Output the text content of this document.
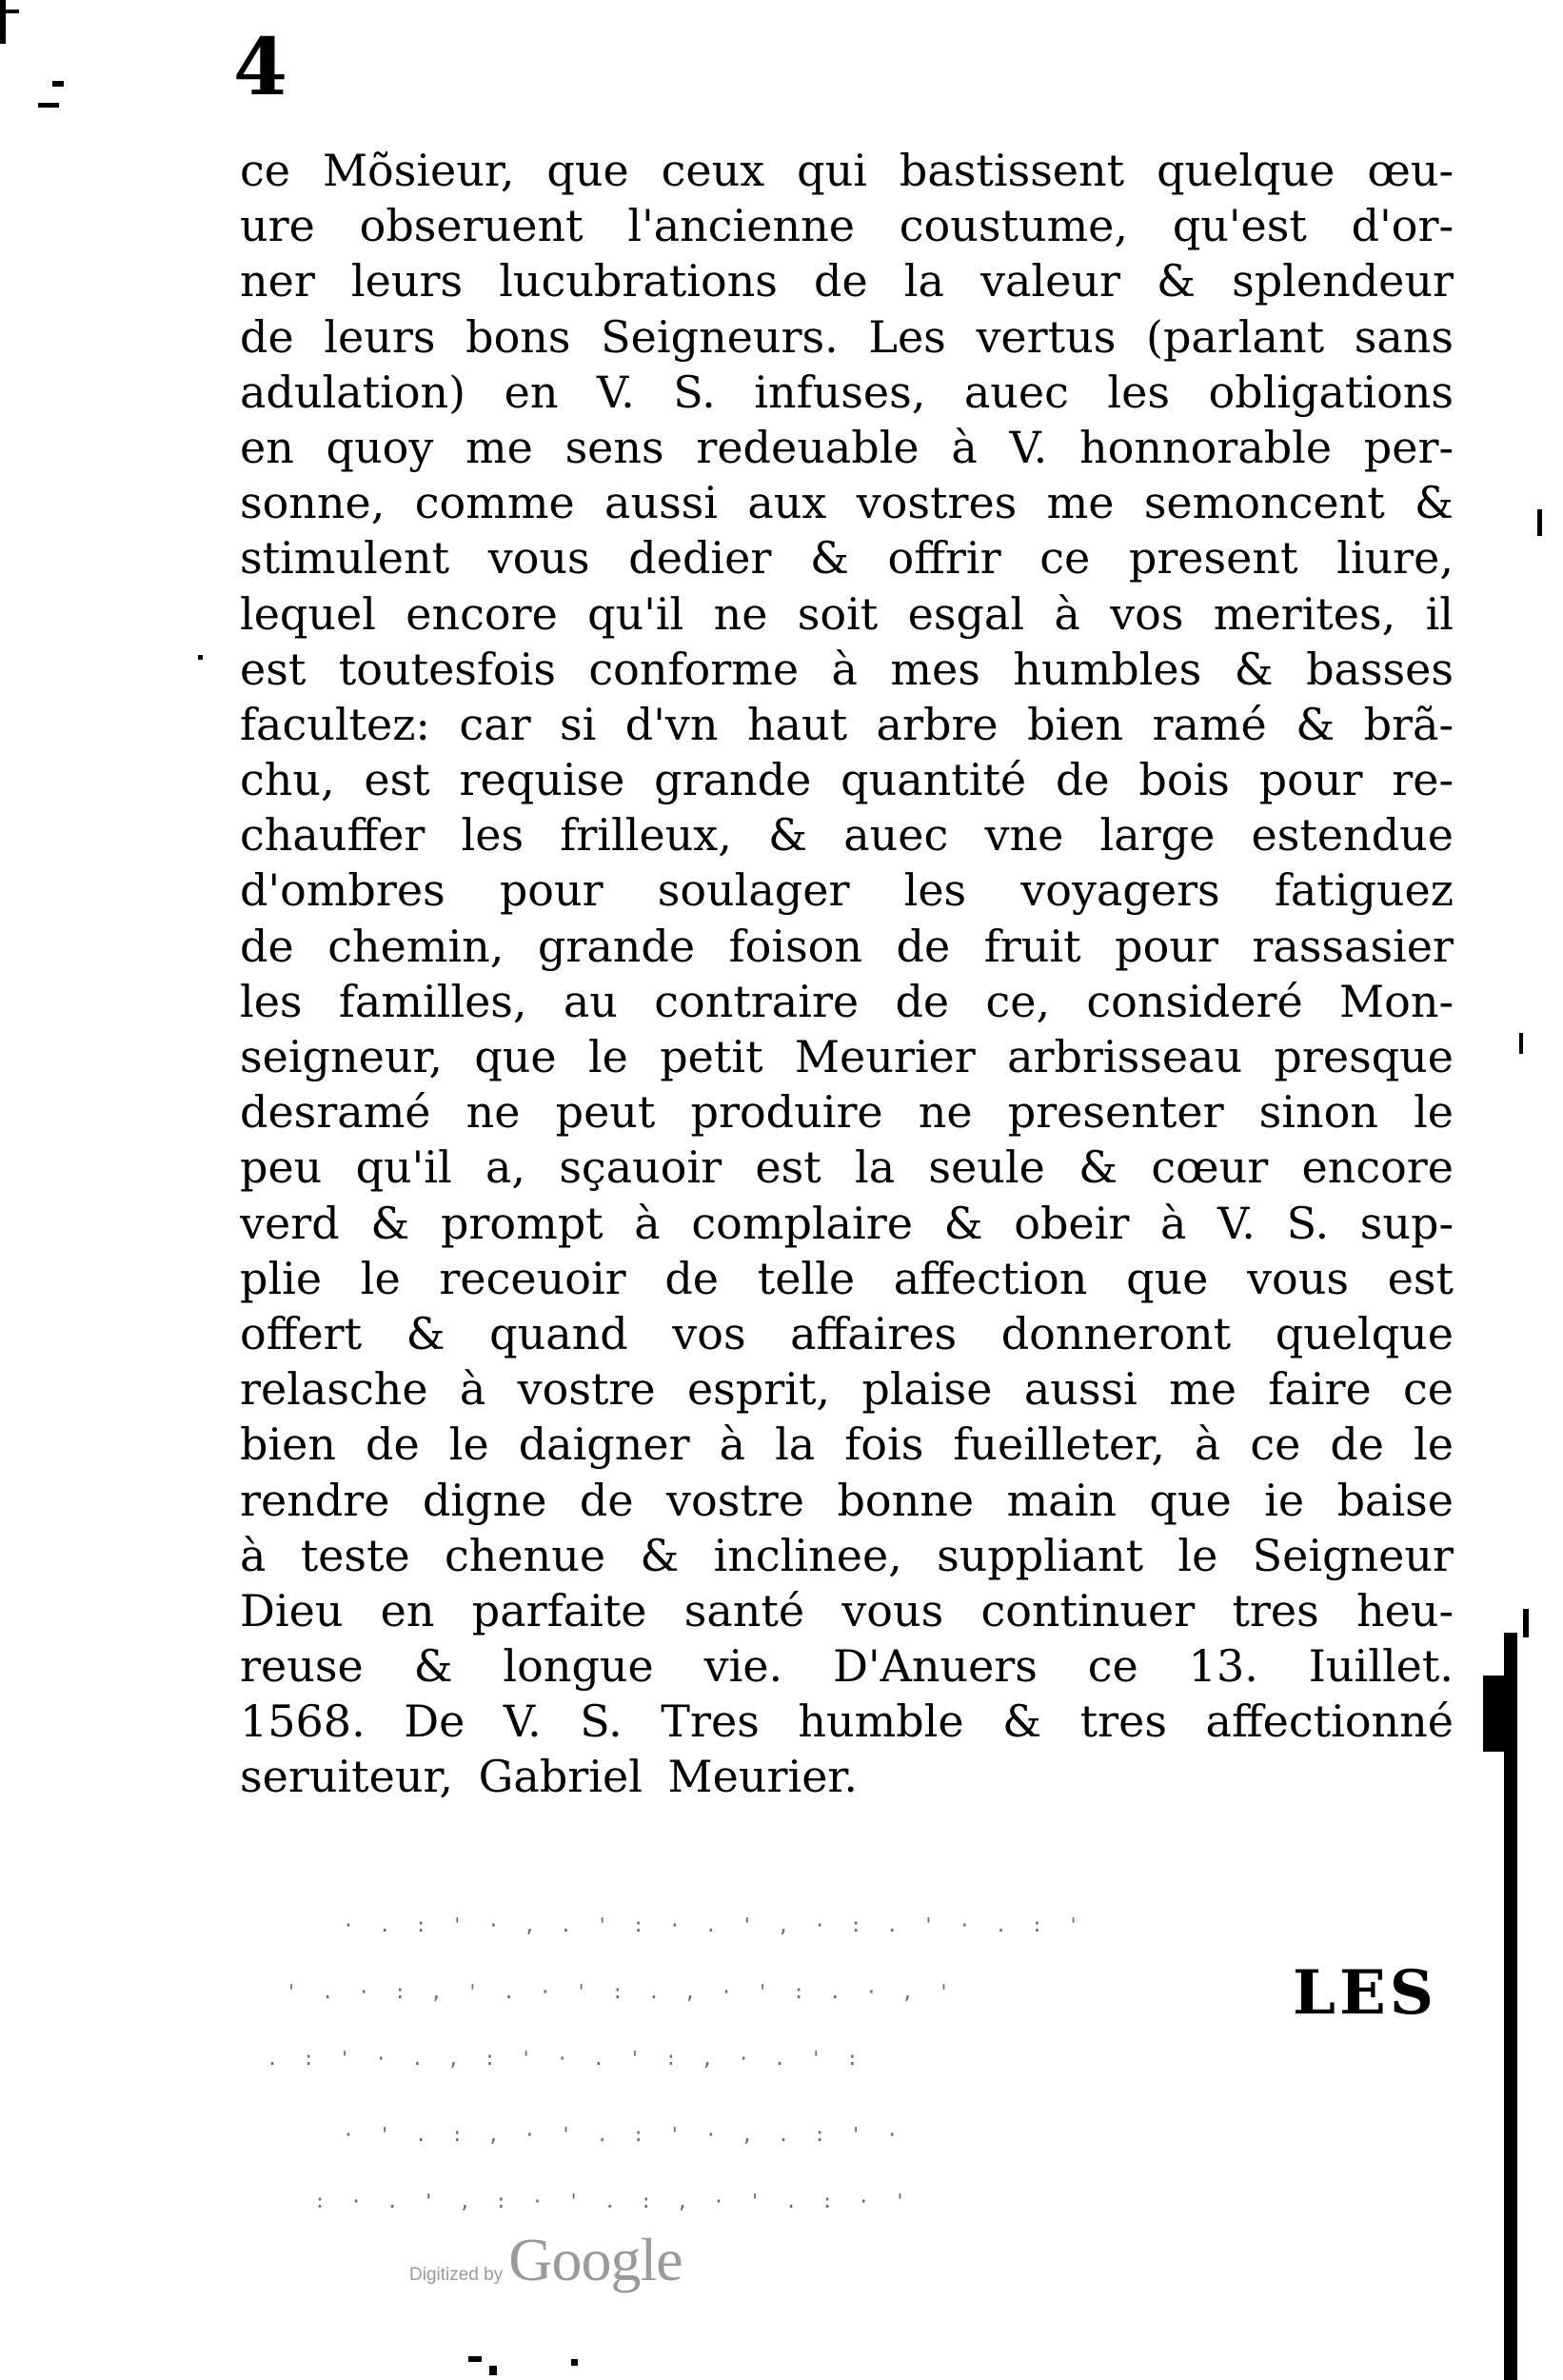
4
ce Mõsieur, que ceux qui bastissent quelque œu-
ure obseruent l'ancienne coustume, qu'est d'or-
ner leurs lucubrations de la valeur & splendeur
de leurs bons Seigneurs. Les vertus (parlant sans
adulation) en V. S. infuses, auec les obligations
en quoy me sens redeuable à V. honnorable per-
sonne, comme aussi aux vostres me semoncent &
stimulent vous dedier & offrir ce present liure,
lequel encore qu'il ne soit esgal à vos merites, il
est toutesfois conforme à mes humbles & basses
facultez: car si d'vn haut arbre bien ramé & brã-
chu, est requise grande quantité de bois pour re-
chauffer les frilleux, & auec vne large estendue
d'ombres pour soulager les voyagers fatiguez
de chemin, grande foison de fruit pour rassasier
les familles, au contraire de ce, consideré Mon-
seigneur, que le petit Meurier arbrisseau presque
desramé ne peut produire ne presenter sinon le
peu qu'il a, sçauoir est la seule & cœur encore
verd & prompt à complaire & obeir à V. S. sup-
plie le receuoir de telle affection que vous est
offert & quand vos affaires donneront quelque
relasche à vostre esprit, plaise aussi me faire ce
bien de le daigner à la fois fueilleter, à ce de le
rendre digne de vostre bonne main que ie baise
à teste chenue & inclinee, suppliant le Seigneur
Dieu en parfaite santé vous continuer tres heu-
reuse & longue vie. D'Anuers ce 13. Iuillet.
1568. De V. S. Tres humble & tres affectionné
seruiteur, Gabriel Meurier.
LES
Digitized by Google
· . : ' · , . ' : · . ' , · : . ' · . : '
' . · : , ' . · ' : . , · ' : . · , '
. : ' · . , : ' · . ' : , · . ' :
· ' . : , · ' . : ' · , . : ' ·
: · . ' , : · ' . : , · ' . : · '
